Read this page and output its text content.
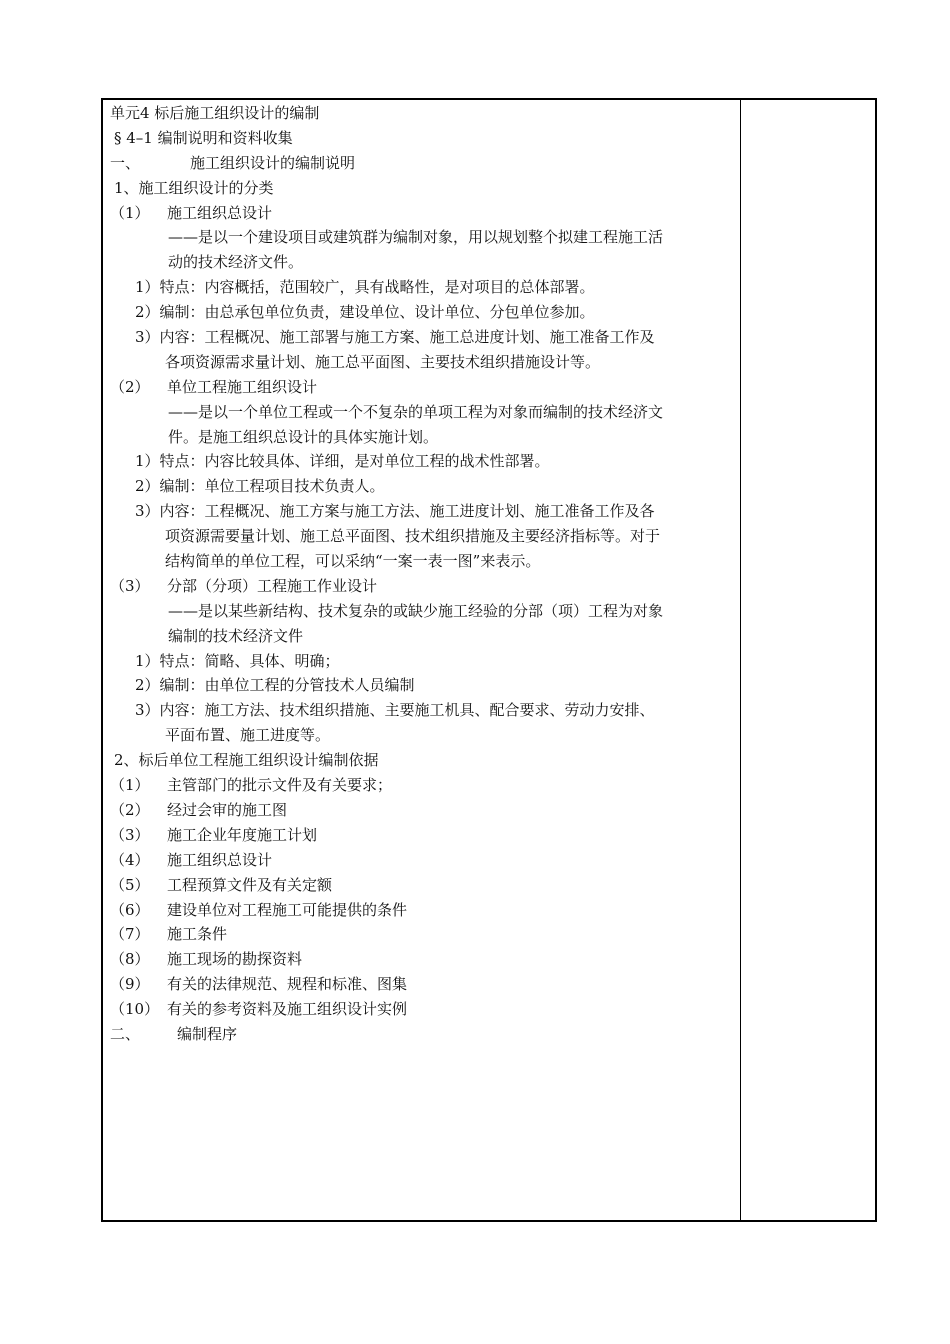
单元4 标后施工组织设计的编制
§ 4–1 编制说明和资料收集
一、	施工组织设计的编制说明
1、施工组织设计的分类
（1） 施工组织总设计
——是以一个建设项目或建筑群为编制对象，用以规划整个拟建工程施工活
动的技术经济文件。
1）特点：内容概括，范围较广，具有战略性，是对项目的总体部署。
2）编制：由总承包单位负责，建设单位、设计单位、分包单位参加。
3）内容：工程概况、施工部署与施工方案、施工总进度计划、施工准备工作及
各项资源需求量计划、施工总平面图、主要技术组织措施设计等。
（2） 单位工程施工组织设计
——是以一个单位工程或一个不复杂的单项工程为对象而编制的技术经济文
件。是施工组织总设计的具体实施计划。
1）特点：内容比较具体、详细，是对单位工程的战术性部署。
2）编制：单位工程项目技术负责人。
3）内容：工程概况、施工方案与施工方法、施工进度计划、施工准备工作及各
项资源需要量计划、施工总平面图、技术组织措施及主要经济指标等。对于
结构简单的单位工程，可以采纳“一案一表一图”来表示。
（3） 分部（分项）工程施工作业设计
——是以某些新结构、技术复杂的或缺少施工经验的分部（项）工程为对象
编制的技术经济文件
1）特点：简略、具体、明确；
2）编制：由单位工程的分管技术人员编制
3）内容：施工方法、技术组织措施、主要施工机具、配合要求、劳动力安排、
平面布置、施工进度等。
2、标后单位工程施工组织设计编制依据
（1） 主管部门的批示文件及有关要求；
（2） 经过会审的施工图
（3） 施工企业年度施工计划
（4） 施工组织总设计
（5） 工程预算文件及有关定额
（6） 建设单位对工程施工可能提供的条件
（7） 施工条件
（8） 施工现场的勘探资料
（9） 有关的法律规范、规程和标准、图集
（10） 有关的参考资料及施工组织设计实例
二、 编制程序
